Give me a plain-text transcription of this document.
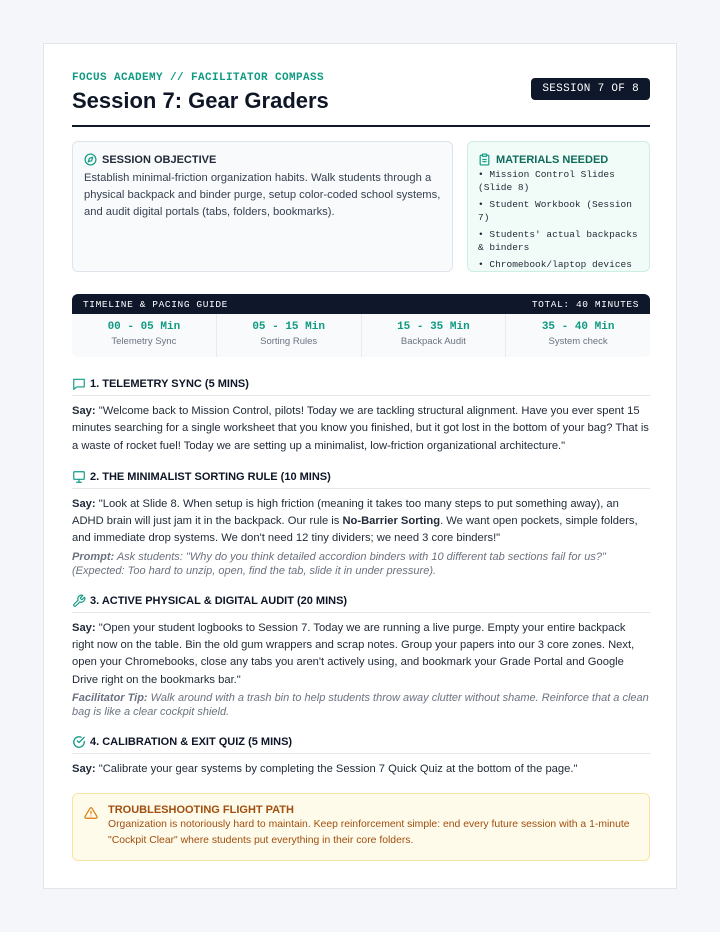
FOCUS ACADEMY // FACILITATOR COMPASS
Session 7: Gear Graders	SESSION 7 OF 8
SESSION OBJECTIVE

Establish minimal-friction organization habits. Walk students through a physical backpack and binder purge, setup color-coded school systems, and audit digital portals (tabs, folders, bookmarks).

MATERIALS NEEDED
• Mission Control Slides (Slide 8)
• Student Workbook (Session 7)
• Students' actual backpacks & binders
• Chromebook/laptop devices
TIMELINE & PACING GUIDE	TOTAL: 40 MINUTES
00 - 05 Min
Telemetry Sync
05 - 15 Min
Sorting Rules
15 - 35 Min
Backpack Audit
35 - 40 Min
System check
1. TELEMETRY SYNC (5 MINS)

Say: "Welcome back to Mission Control, pilots! Today we are tackling structural alignment. Have you ever spent 15 minutes searching for a single worksheet that you know you finished, but it got lost in the bottom of your bag? That is a waste of rocket fuel! Today we are setting up a minimalist, low-friction organizational architecture."

2. THE MINIMALIST SORTING RULE (10 MINS)

Say: "Look at Slide 8. When setup is high friction (meaning it takes too many steps to put something away), an ADHD brain will just jam it in the backpack. Our rule is No-Barrier Sorting. We want open pockets, simple folders, and immediate drop systems. We don't need 12 tiny dividers; we need 3 core binders!"

Prompt: Ask students: "Why do you think detailed accordion binders with 10 different tab sections fail for us?" (Expected: Too hard to unzip, open, find the tab, slide it in under pressure).

3. ACTIVE PHYSICAL & DIGITAL AUDIT (20 MINS)

Say: "Open your student logbooks to Session 7. Today we are running a live purge. Empty your entire backpack right now on the table. Bin the old gum wrappers and scrap notes. Group your papers into our 3 core zones. Next, open your Chromebooks, close any tabs you aren't actively using, and bookmark your Grade Portal and Google Drive right on the bookmarks bar."

Facilitator Tip: Walk around with a trash bin to help students throw away clutter without shame. Reinforce that a clean bag is like a clear cockpit shield.

4. CALIBRATION & EXIT QUIZ (5 MINS)

Say: "Calibrate your gear systems by completing the Session 7 Quick Quiz at the bottom of the page."

TROUBLESHOOTING FLIGHT PATH
Organization is notoriously hard to maintain. Keep reinforcement simple: end every future session with a 1-minute "Cockpit Clear" where students put everything in their core folders.
